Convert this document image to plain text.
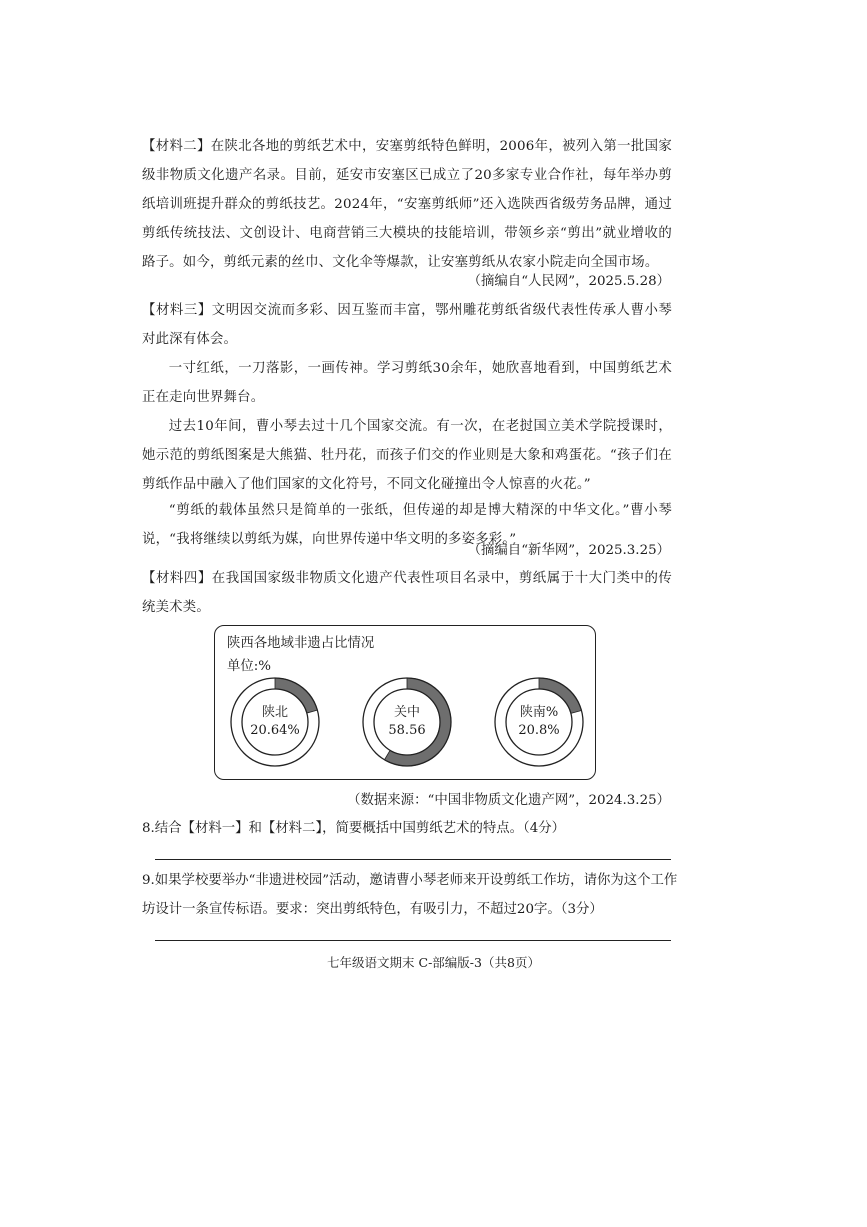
【材料二】在陕北各地的剪纸艺术中，安塞剪纸特色鲜明，2006年，被列入第一批国家级非物质文化遗产名录。目前，延安市安塞区已成立了20多家专业合作社，每年举办剪纸培训班提升群众的剪纸技艺。2024年，“安塞剪纸师”还入选陕西省级劳务品牌，通过剪纸传统技法、文创设计、电商营销三大模块的技能培训，带领乡亲“剪出”就业增收的路子。如今，剪纸元素的丝巾、文化伞等爆款，让安塞剪纸从农家小院走向全国市场。

（摘编自“人民网”，2025.5.28）

【材料三】文明因交流而多彩、因互鉴而丰富，鄂州雕花剪纸省级代表性传承人曹小琴对此深有体会。

一寸红纸，一刀落影，一画传神。学习剪纸30余年，她欣喜地看到，中国剪纸艺术正在走向世界舞台。

过去10年间，曹小琴去过十几个国家交流。有一次，在老挝国立美术学院授课时，她示范的剪纸图案是大熊猫、牡丹花，而孩子们交的作业则是大象和鸡蛋花。“孩子们在剪纸作品中融入了他们国家的文化符号，不同文化碰撞出令人惊喜的火花。”

“剪纸的载体虽然只是简单的一张纸，但传递的却是博大精深的中华文化。”曹小琴说，“我将继续以剪纸为媒，向世界传递中华文明的多姿多彩。”

（摘编自“新华网”，2025.3.25）

【材料四】在我国国家级非物质文化遗产代表性项目名录中，剪纸属于十大门类中的传统美术类。

陕西各地域非遗占比情况
单位:%
陕北
20.64%
关中
58.56
陕南%
20.8%

（数据来源：“中国非物质文化遗产网”，2024.3.25）

8.结合【材料一】和【材料二】，简要概括中国剪纸艺术的特点。（4分）

9.如果学校要举办“非遗进校园”活动，邀请曹小琴老师来开设剪纸工作坊，请你为这个工作坊设计一条宣传标语。要求：突出剪纸特色，有吸引力，不超过20字。（3分）

七年级语文期末 C-部编版-3（共8页）
